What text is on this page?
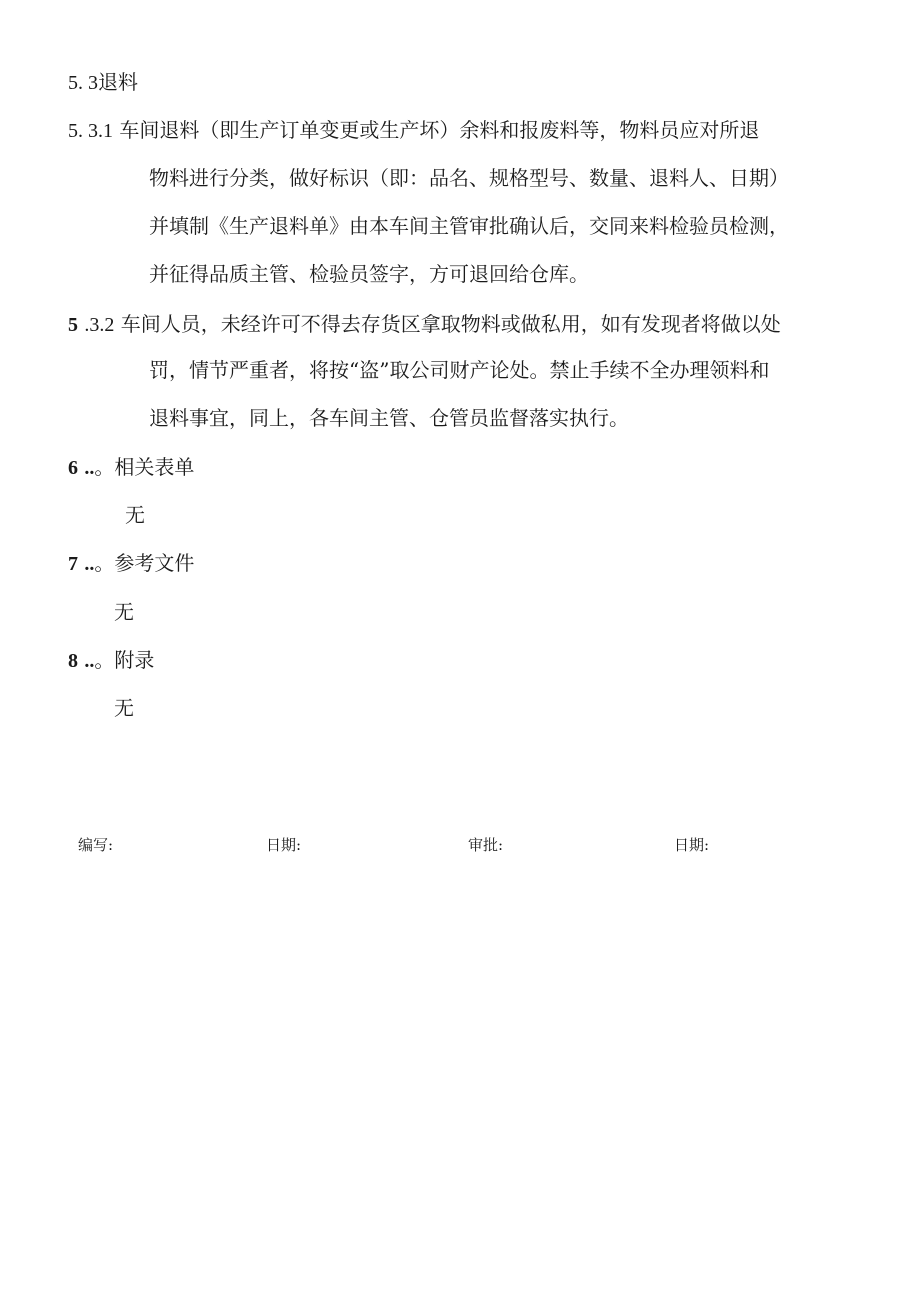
5. 3退料
5. 3.1 车间退料（即生产订单变更或生产坏）余料和报废料等，物料员应对所退
物料进行分类，做好标识（即：品名、规格型号、数量、退料人、日期）
并填制《生产退料单》由本车间主管审批确认后，交同来料检验员检测，
并征得品质主管、检验员签字，方可退回给仓库。
5 .3.2 车间人员，未经许可不得去存货区拿取物料或做私用，如有发现者将做以处
罚，情节严重者，将按“盗”取公司财产论处。禁止手续不全办理领料和
退料事宜，同上，各车间主管、仓管员监督落实执行。
6 ..。相关表单
无
7 ..。参考文件
无
8 ..。附录
无
编写:	日期:	审批:	日期:
